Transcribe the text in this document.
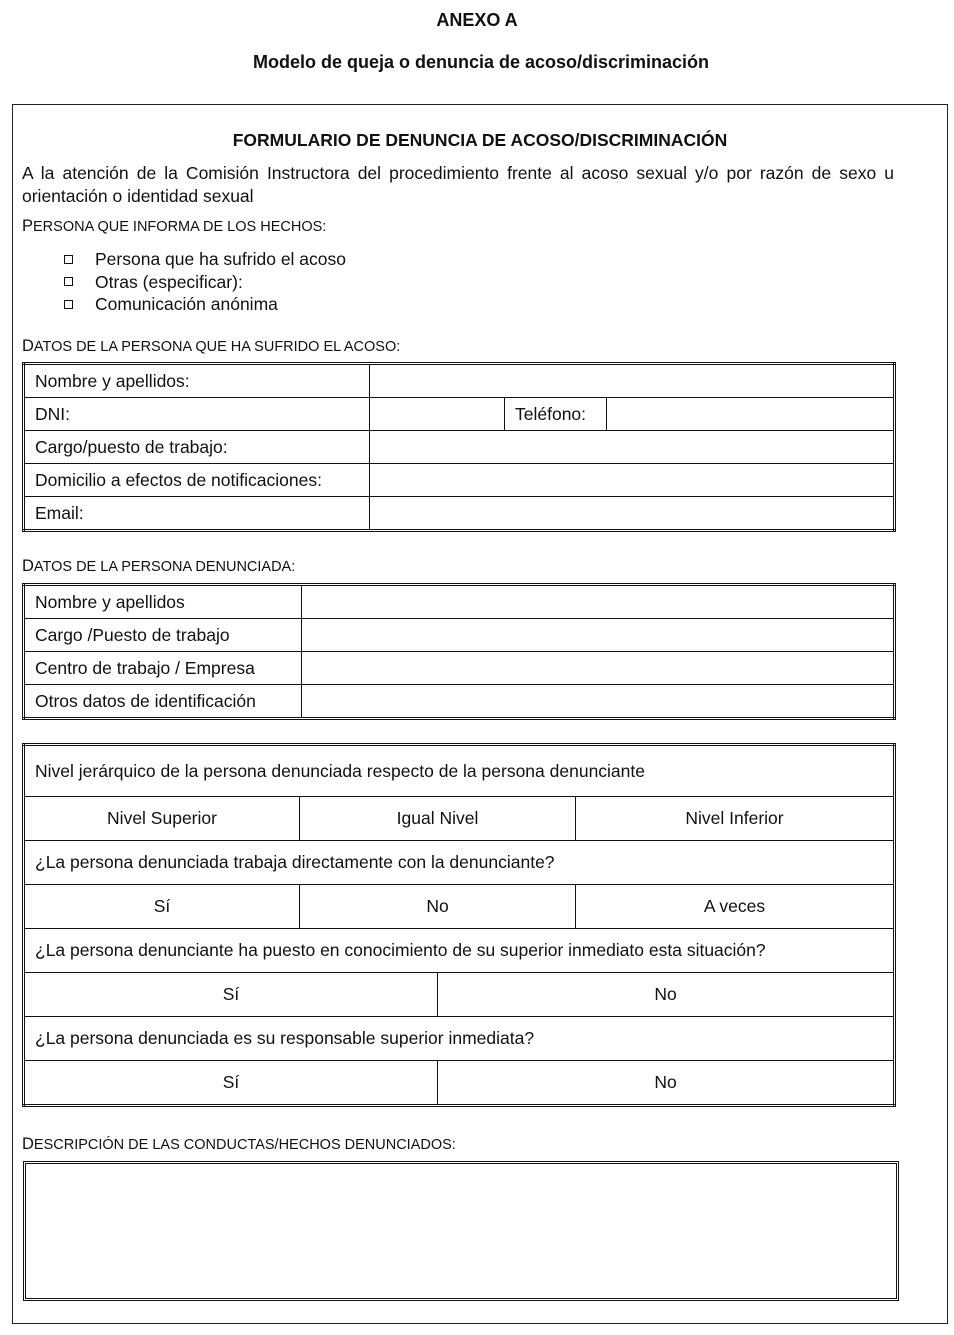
ANEXO A
Modelo de queja o denuncia de acoso/discriminación
FORMULARIO DE DENUNCIA DE ACOSO/DISCRIMINACIÓN
A la atención de la Comisión Instructora del procedimiento frente al acoso sexual y/o por razón de sexo u orientación o identidad sexual
PERSONA QUE INFORMA DE LOS HECHOS:
Persona que ha sufrido el acoso
Otras (especificar):
Comunicación anónima
DATOS DE LA PERSONA QUE HA SUFRIDO EL ACOSO:
Nombre y apellidos:			
DNI:		Teléfono:	
Cargo/puesto de trabajo:			
Domicilio a efectos de notificaciones:			
Email:			
DATOS DE LA PERSONA DENUNCIADA:
Nombre y apellidos	
Cargo /Puesto de trabajo	
Centro de trabajo / Empresa	
Otros datos de identificación	
Nivel jerárquico de la persona denunciada respecto de la persona denunciante			
Nivel Superior	Igual Nivel		Nivel Inferior
¿La persona denunciada trabaja directamente con la denunciante?			
Sí	No		A veces
¿La persona denunciante ha puesto en conocimiento de su superior inmediato esta situación?			
Sí		No	
¿La persona denunciada es su responsable superior inmediata?			
Sí		No	
DESCRIPCIÓN DE LAS CONDUCTAS/HECHOS DENUNCIADOS:
